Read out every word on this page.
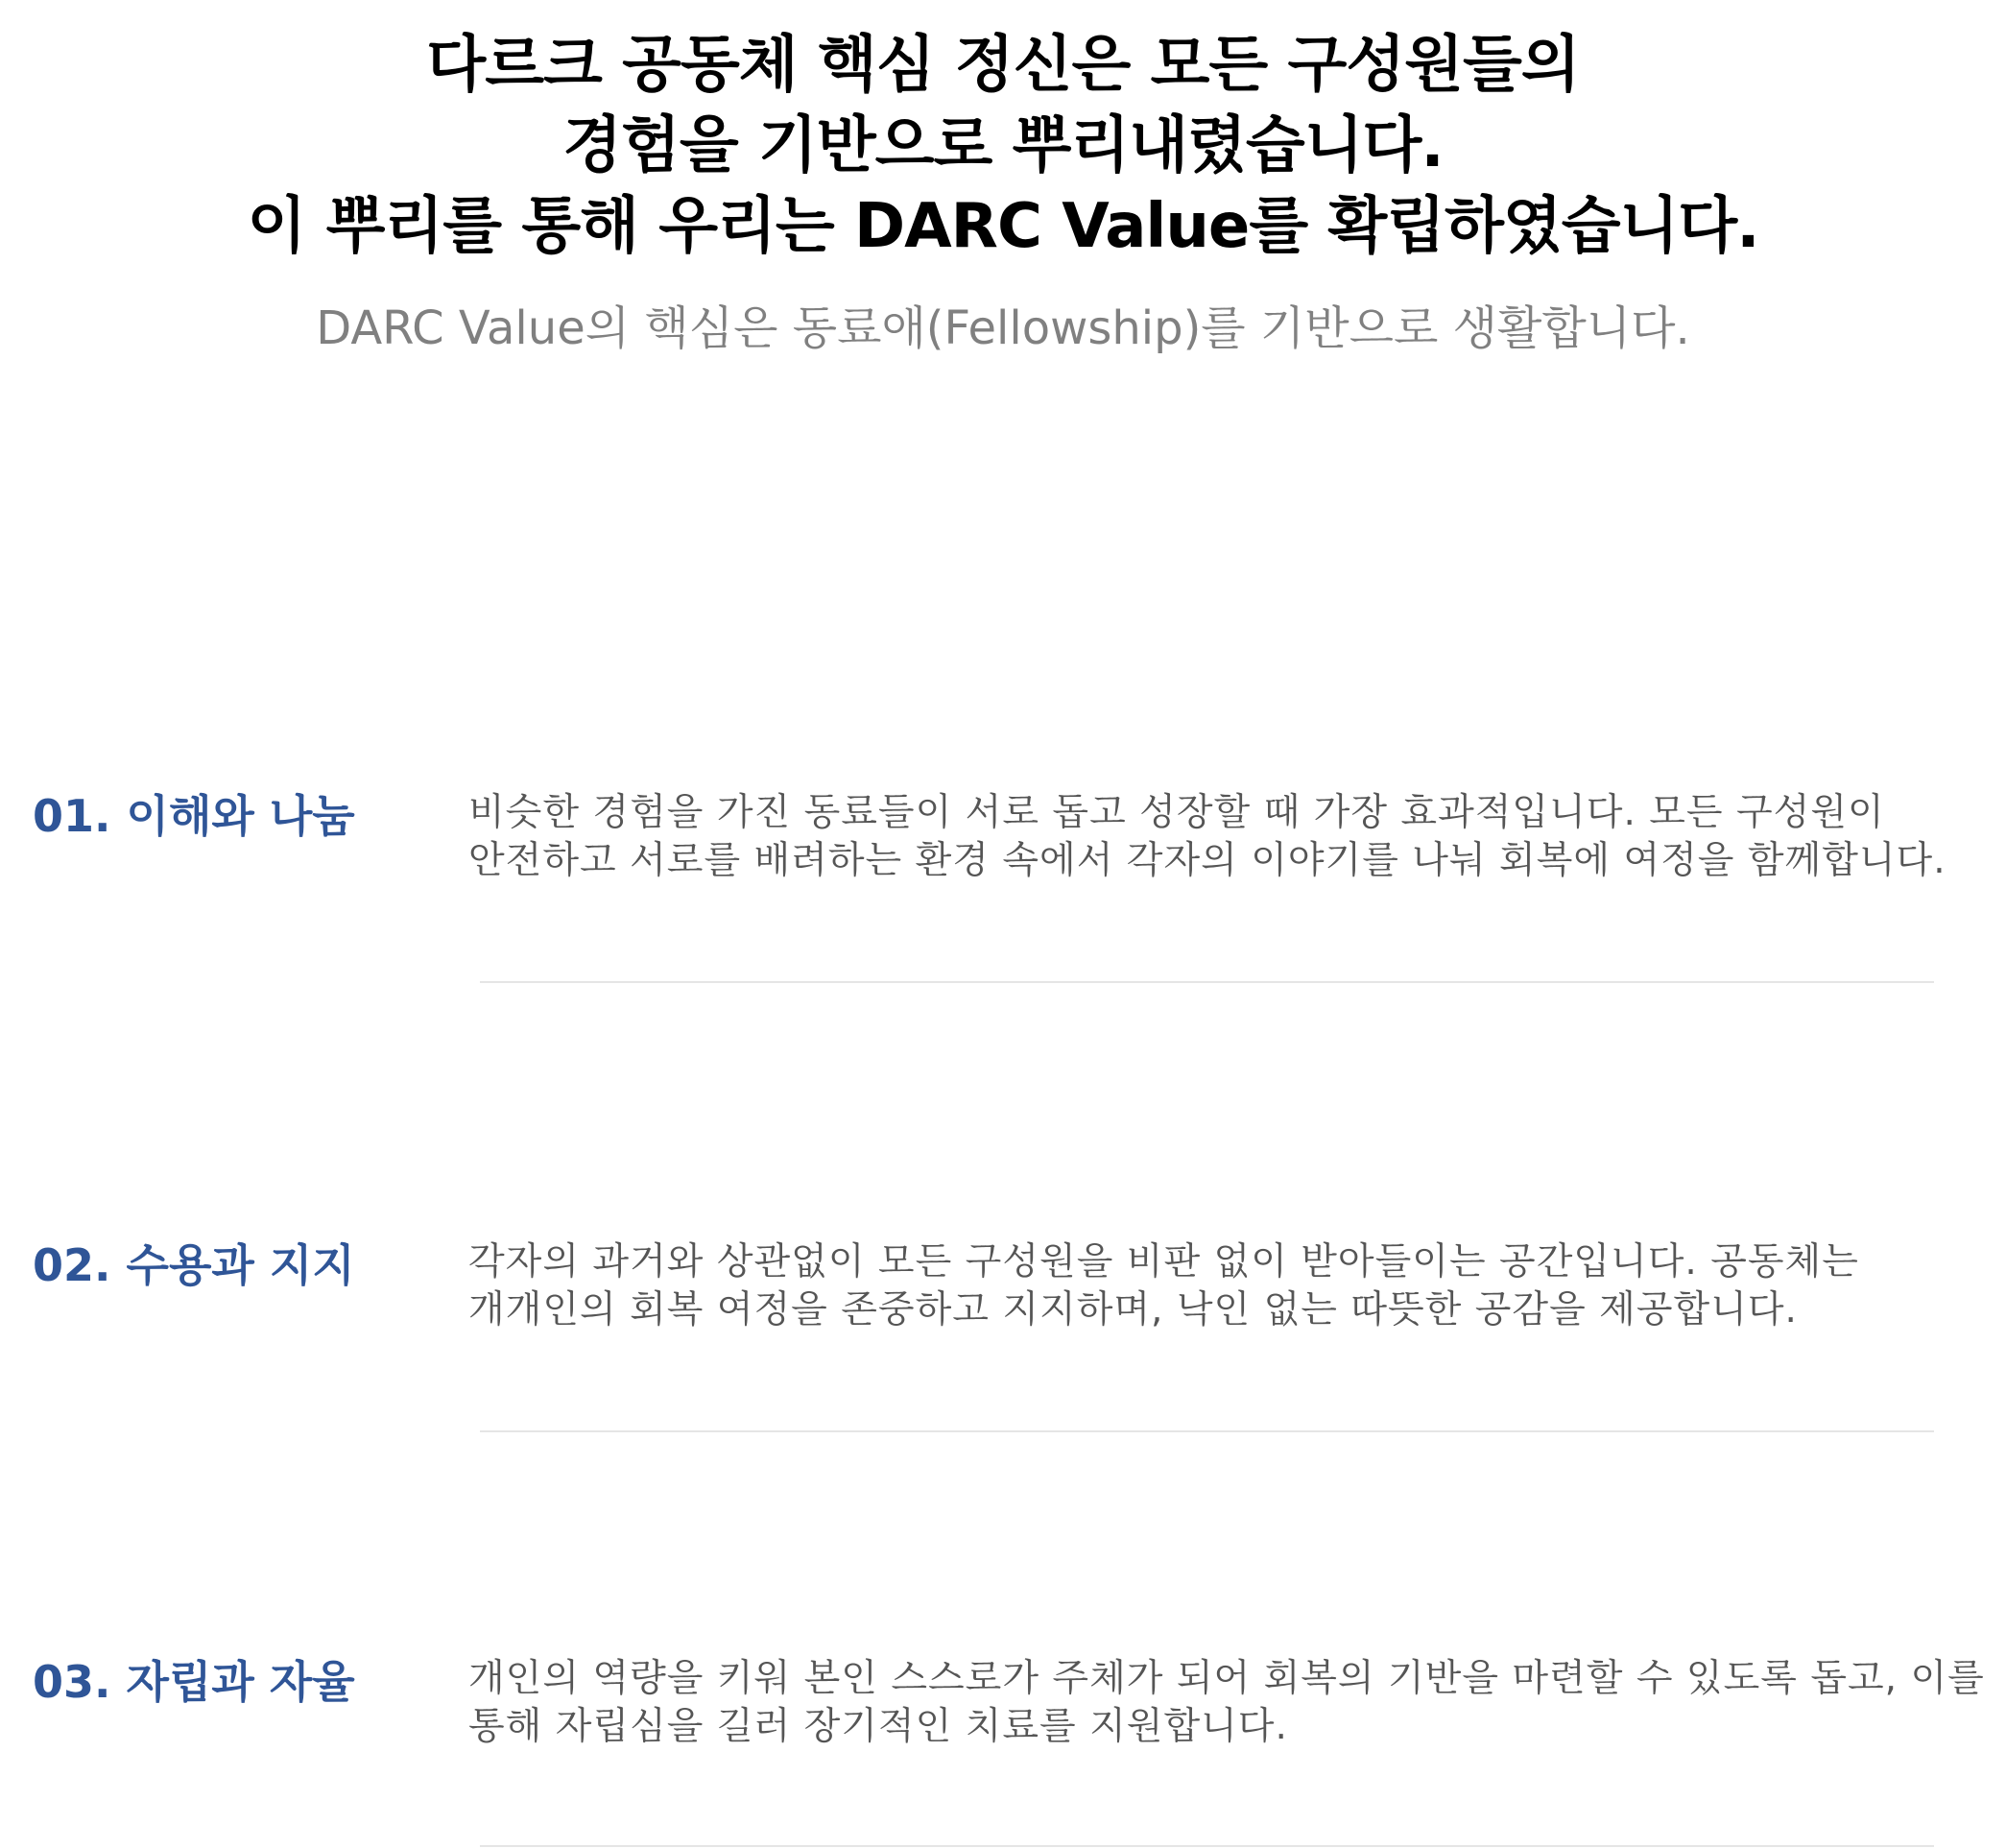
다르크 공동체 핵심 정신은 모든 구성원들의
경험을 기반으로 뿌리내렸습니다.
이 뿌리를 통해 우리는 DARC Value를 확립하였습니다.

DARC Value의 핵심은 동료애(Fellowship)를 기반으로 생활합니다.

01. 이해와 나눔	비슷한 경험을 가진 동료들이 서로 돕고 성장할 때 가장 효과적입니다. 모든 구성원이 안전하고 서로를 배려하는 환경 속에서 각자의 이야기를 나눠 회복에 여정을 함께합니다.

02. 수용과 지지	각자의 과거와 상관없이 모든 구성원을 비판 없이 받아들이는 공간입니다. 공동체는 개개인의 회복 여정을 존중하고 지지하며, 낙인 없는 따뜻한 공감을 제공합니다.

03. 자립과 자율	개인의 역량을 키워 본인 스스로가 주체가 되어 회복의 기반을 마련할 수 있도록 돕고, 이를 통해 자립심을 길러 장기적인 치료를 지원합니다.
